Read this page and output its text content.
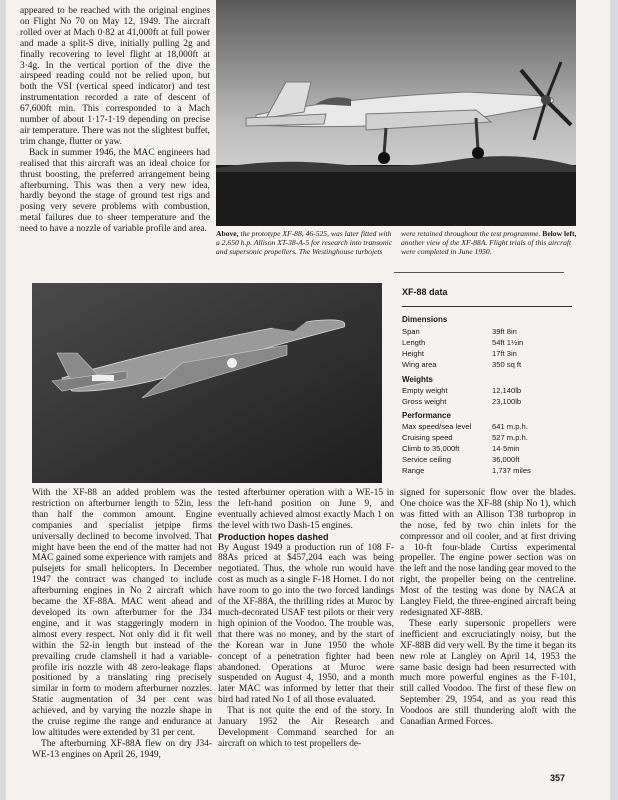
appeared to be reached with the original engines on Flight No 70 on May 12, 1949. The aircraft rolled over at Mach 0·82 at 41,000ft at full power and made a split-S dive, initially pulling 2g and finally recovering to level flight at 18,000ft at 3·4g. In the vertical portion of the dive the airspeed reading could not be relied upon, but both the VSI (vertical speed indicator) and test instrumentation recorded a rate of descent of 67,600ft min. This corresponded to a Mach number of about 1·17-1·19 depending on precise air temperature. There was not the slightest buffet, trim change, flutter or yaw.

Back in summer 1946, the MAC engineers had realised that this aircraft was an ideal choice for thrust boosting, the preferred arrangement being afterburning. This was then a very new idea, hardly beyond the stage of ground test rigs and posing very severe problems with combustion, metal failures due to sheer temperature and the need to have a nozzle of variable profile and area.	Above, the prototype XF-88, 46-525, was later fitted with a 2,650 h.p. Allison XT-38-A-5 for research into transonic and supersonic propellers. The Westinghouse turbojets were retained throughout the test programme. Below left, another view of the XF-88A. Flight trials of this aircraft were completed in June 1950.
XF-88 data
Dimensions
Span	39ft 8in
Length	54ft 1½in
Height	17ft 3in
Wing area	350 sq ft
Weights
Empty weight	12,140lb
Gross weight	23,100lb
Performance
Max speed/sea level	641 m.p.h.
Cruising speed	527 m.p.h.
Climb to 35,000ft	14·5min
Service ceiling	36,000ft
Range	1,737 miles

With the XF-88 an added problem was the restriction on afterburner length to 52in, less than half the common amount. Engine companies and specialist jetpipe firms universally declined to become involved. That might have been the end of the matter had not MAC gained some experience with ramjets and pulsejets for small helicopters. In December 1947 the contract was changed to include afterburning engines in No 2 aircraft which became the XF-88A. MAC went ahead and developed its own afterburner for the J34 engine, and it was staggeringly modern in almost every respect. Not only did it fit well within the 52-in length but instead of the prevailing crude clamshell it had a variable-profile iris nozzle with 48 zero-leakage flaps positioned by a translating ring precisely similar in form to modern afterburner nozzles. Static augmentation of 34 per cent was achieved, and by varying the nozzle shape in the cruise regime the range and endurance at low altitudes were extended by 31 per cent.

The afterburning XF-88A flew on dry J34-WE-13 engines on April 26, 1949,

tested afterburner operation with a WE-15 in the left-hand position on June 9, and eventually achieved almost exactly Mach 1 on the level with two Dash-15 engines.

Production hopes dashed

By August 1949 a production run of 108 F-88As priced at $457,204 each was being negotiated. Thus, the whole run would have cost as much as a single F-18 Hornet. I do not have room to go into the two forced landings of the XF-88A, the thrilling rides at Muroc by much-decorated USAF test pilots or their very high opinion of the Voodoo. The trouble was, that there was no money, and by the start of the Korean war in June 1950 the whole concept of a penetration fighter had been abandoned. Operations at Muroc were suspended on August 4, 1950, and a month later MAC was informed by letter that their bird had rated No 1 of all those evaluated.

That is not quite the end of the story. In January 1952 the Air Research and Development Command searched for an aircraft on which to test propellers de-

signed for supersonic flow over the blades. One choice was the XF-88 (ship No 1), which was fitted with an Allison T38 turboprop in the nose, fed by two chin inlets for the compressor and oil cooler, and at first driving a 10-ft four-blade Curtiss experimental propeller. The engine power section was on the left and the nose landing gear moved to the right, the propeller being on the centreline. Most of the testing was done by NACA at Langley Field, the three-engined aircraft being redesignated XF-88B.

These early supersonic propellers were inefficient and excruciatingly noisy, but the XF-88B did very well. By the time it began its new role at Langley on April 14, 1953 the same basic design had been resurrected with much more powerful engines as the F-101, still called Voodoo. The first of these flew on September 29, 1954, and as you read this Voodoos are still thundering aloft with the Canadian Armed Forces.

357
